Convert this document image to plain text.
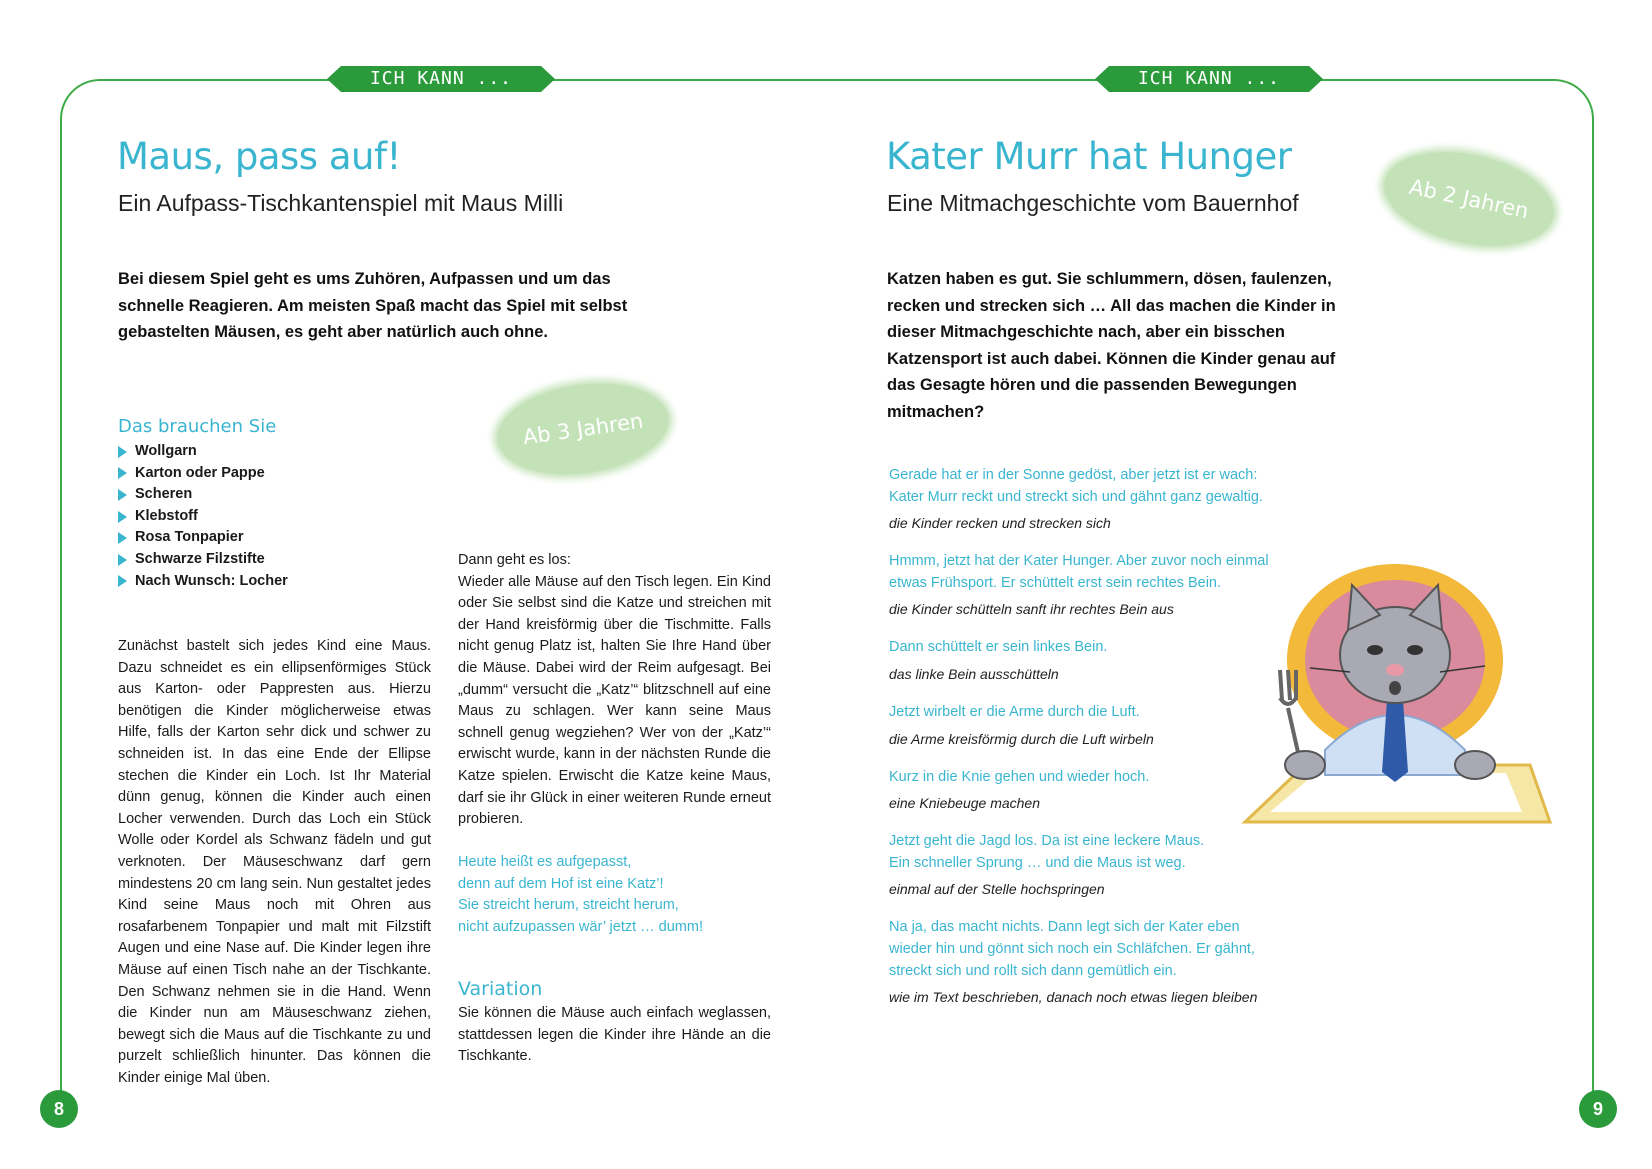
ICH KANN ... ZUHÖREN
ICH KANN ... ZUHÖREN
Maus, pass auf!
Ein Aufpass-Tischkantenspiel mit Maus Milli
Bei diesem Spiel geht es ums Zuhören, Aufpassen und um das schnelle Reagieren. Am meisten Spaß macht das Spiel mit selbst gebastelten Mäusen, es geht aber natürlich auch ohne.
Ab 3 Jahren
Das brauchen Sie
Wollgarn
Karton oder Pappe
Scheren
Klebstoff
Rosa Tonpapier
Schwarze Filzstifte
Nach Wunsch: Locher

Zunächst bastelt sich jedes Kind eine Maus. Dazu schneidet es ein ellipsenförmiges Stück aus Karton- oder Pappresten aus. Hierzu benötigen die Kinder möglicherweise etwas Hilfe, falls der Karton sehr dick und schwer zu schneiden ist. In das eine Ende der Ellipse stechen die Kinder ein Loch. Ist Ihr Material dünn genug, können die Kinder auch einen Locher verwenden. Durch das Loch ein Stück Wolle oder Kordel als Schwanz fädeln und gut verknoten. Der Mäuseschwanz darf gern mindestens 20 cm lang sein. Nun gestaltet jedes Kind seine Maus noch mit Ohren aus rosafarbenem Tonpapier und malt mit Filzstift Augen und eine Nase auf. Die Kinder legen ihre Mäuse auf einen Tisch nahe an der Tischkante. Den Schwanz nehmen sie in die Hand. Wenn die Kinder nun am Mäuseschwanz ziehen, bewegt sich die Maus auf die Tischkante zu und purzelt schließlich hinunter. Das können die Kinder einige Mal üben.

Dann geht es los:

Wieder alle Mäuse auf den Tisch legen. Ein Kind oder Sie selbst sind die Katze und streichen mit der Hand kreisförmig über die Tischmitte. Falls nicht genug Platz ist, halten Sie Ihre Hand über die Mäuse. Dabei wird der Reim aufgesagt. Bei „dumm“ versucht die „Katz’“ blitzschnell auf eine Maus zu schlagen. Wer kann seine Maus schnell genug wegziehen? Wer von der „Katz’“ erwischt wurde, kann in der nächsten Runde die Katze spielen. Erwischt die Katze keine Maus, darf sie ihr Glück in einer weiteren Runde erneut probieren.

Heute heißt es aufgepasst,
denn auf dem Hof ist eine Katz’!
Sie streicht herum, streicht herum,
nicht aufzupassen wär’ jetzt … dumm!
Variation
Sie können die Mäuse auch einfach weglassen, stattdessen legen die Kinder ihre Hände an die Tischkante.
8
Kater Murr hat Hunger
Eine Mitmachgeschichte vom Bauernhof	Ab 2 Jahren
Katzen haben es gut. Sie schlummern, dösen, faulenzen, recken und strecken sich … All das machen die Kinder in dieser Mitmachgeschichte nach, aber ein bisschen Katzensport ist auch dabei. Können die Kinder genau auf das Gesagte hören und die passenden Bewegungen mitmachen?
Gerade hat er in der Sonne gedöst, aber jetzt ist er wach:
Kater Murr reckt und streckt sich und gähnt ganz gewaltig.
die Kinder recken und strecken sich
Hmmm, jetzt hat der Kater Hunger. Aber zuvor noch einmal
etwas Frühsport. Er schüttelt erst sein rechtes Bein.
die Kinder schütteln sanft ihr rechtes Bein aus
Dann schüttelt er sein linkes Bein.
das linke Bein ausschütteln
Jetzt wirbelt er die Arme durch die Luft.
die Arme kreisförmig durch die Luft wirbeln
Kurz in die Knie gehen und wieder hoch.
eine Kniebeuge machen
Jetzt geht die Jagd los. Da ist eine leckere Maus.
Ein schneller Sprung … und die Maus ist weg.
einmal auf der Stelle hochspringen
Na ja, das macht nichts. Dann legt sich der Kater eben
wieder hin und gönnt sich noch ein Schläfchen. Er gähnt,
streckt sich und rollt sich dann gemütlich ein.
wie im Text beschrieben, danach noch etwas liegen bleiben
9
